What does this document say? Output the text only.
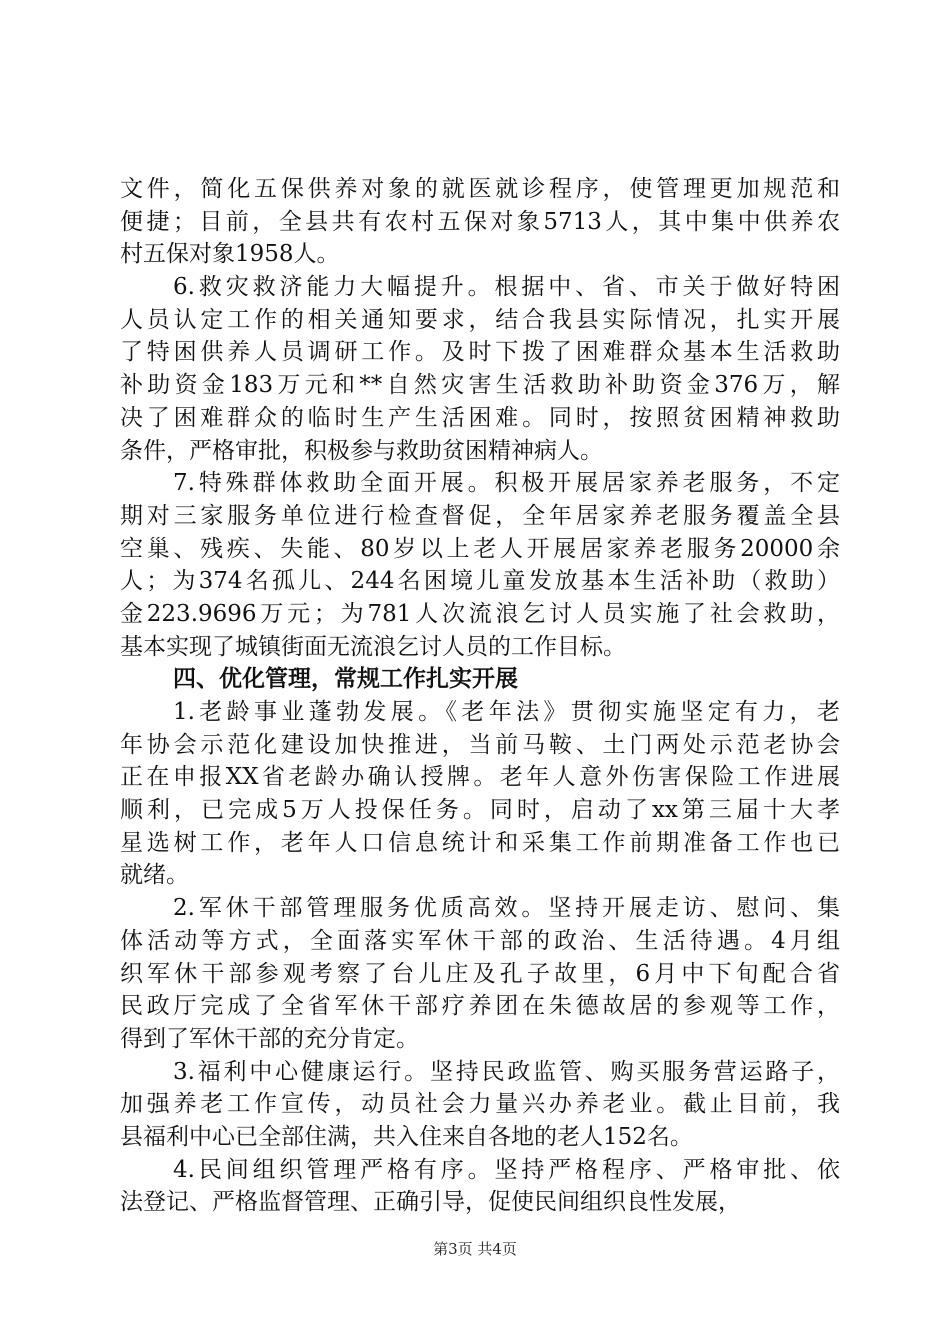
文件，简化五保供养对象的就医就诊程序，使管理更加规范和
便捷；目前，全县共有农村五保对象5713人，其中集中供养农
村五保对象1958人。
6.救灾救济能力大幅提升。根据中、省、市关于做好特困
人员认定工作的相关通知要求，结合我县实际情况，扎实开展
了特困供养人员调研工作。及时下拨了困难群众基本生活救助
补助资金183万元和**自然灾害生活救助补助资金376万，解
决了困难群众的临时生产生活困难。同时，按照贫困精神救助
条件，严格审批，积极参与救助贫困精神病人。
7.特殊群体救助全面开展。积极开展居家养老服务，不定
期对三家服务单位进行检查督促，全年居家养老服务覆盖全县
空巢、残疾、失能、80岁以上老人开展居家养老服务20000余
人；为374名孤儿、244名困境儿童发放基本生活补助（救助）
金223.9696万元；为781人次流浪乞讨人员实施了社会救助，
基本实现了城镇街面无流浪乞讨人员的工作目标。
四、优化管理，常规工作扎实开展
1.老龄事业蓬勃发展。《老年法》贯彻实施坚定有力，老
年协会示范化建设加快推进，当前马鞍、土门两处示范老协会
正在申报XX省老龄办确认授牌。老年人意外伤害保险工作进展
顺利，已完成5万人投保任务。同时，启动了xx第三届十大孝
星选树工作，老年人口信息统计和采集工作前期准备工作也已
就绪。
2.军休干部管理服务优质高效。坚持开展走访、慰问、集
体活动等方式，全面落实军休干部的政治、生活待遇。4月组
织军休干部参观考察了台儿庄及孔子故里，6月中下旬配合省
民政厅完成了全省军休干部疗养团在朱德故居的参观等工作，
得到了军休干部的充分肯定。
3.福利中心健康运行。坚持民政监管、购买服务营运路子，
加强养老工作宣传，动员社会力量兴办养老业。截止目前，我
县福利中心已全部住满，共入住来自各地的老人152名。
4.民间组织管理严格有序。坚持严格程序、严格审批、依
法登记、严格监督管理、正确引导，促使民间组织良性发展，
第3页 共4页
